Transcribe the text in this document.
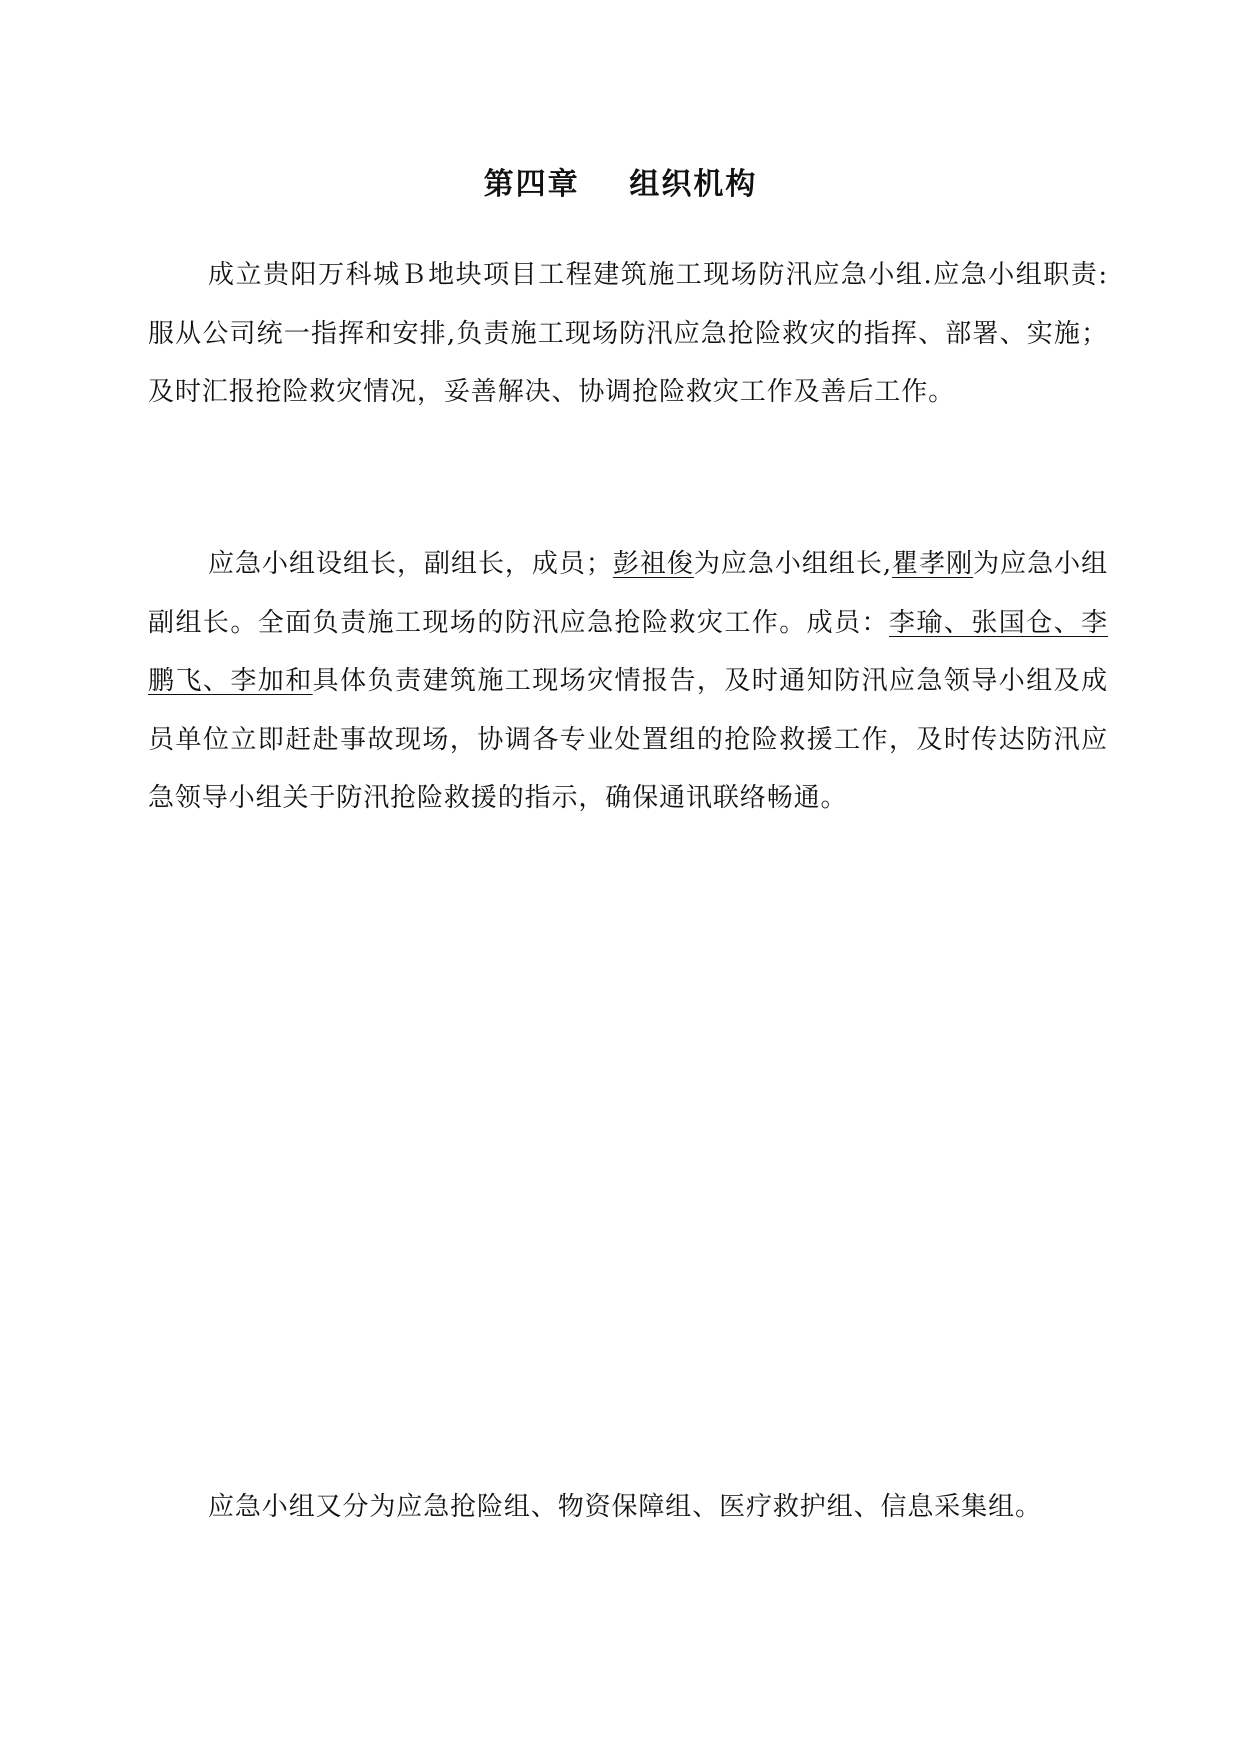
第四章    组织机构
成立贵阳万科城Ｂ地块项目工程建筑施工现场防汛应急小组.应急小组职责:服从公司统一指挥和安排,负责施工现场防汛应急抢险救灾的指挥、部署、实施；及时汇报抢险救灾情况，妥善解决、协调抢险救灾工作及善后工作。
应急小组设组长，副组长，成员；彭祖俊为应急小组组长,瞿孝刚为应急小组副组长。全面负责施工现场的防汛应急抢险救灾工作。成员：李瑜、张国仓、李鹏飞、李加和具体负责建筑施工现场灾情报告，及时通知防汛应急领导小组及成员单位立即赶赴事故现场，协调各专业处置组的抢险救援工作，及时传达防汛应急领导小组关于防汛抢险救援的指示，确保通讯联络畅通。
应急小组又分为应急抢险组、物资保障组、医疗救护组、信息采集组。
